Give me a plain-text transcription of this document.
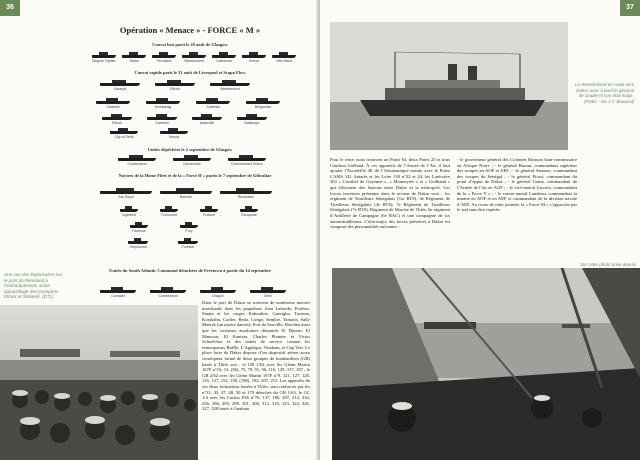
36
Opération « Menace » - FORCE « M »
Convoi lent parti le 29 août de Glasgow
Belgian Fighter	Sticks	Pennland	Westernland	Caledonia	Kenya	Ville Marie
Convoi rapide parti le 31 août de Liverpool et Scapa Flow
Karanja	Ettrick	Westernland
Sobieski	Kinnkaraig	Sobieski	Belgravian
Ettrick	Sobieski	Isaacville	Bulawayo
City of Delhi	Kenya
Unités dépêchées le 2 septembre de Glasgow
Cumberland	Devonshire	Commandant Duboc
Navires de la Home Fleet et de la « Force H » partis le 7 septembre de Gibraltar
Ark Royal	Barham	Resolution
Inglefield	Foxhound	Fortune	Escapade
Faulknor	Fury
Greyhound	Forester
Unités du South Atlantic Command détachées de Freetown à partir du 14 septembre
Cornwall	Cumberland	Dragon	Delhi
Une vue des légionnaires sur le pont du Pennland à l’embarquement, avant appareillage des transports Ettrick et Sobieski. (ETL)
Dans le port de Dakar se trouvent de nombreux navires marchands dont les paquebots Jean Laborde, Porthos, Sinaia et les cargos Kabouline, Guerigha, Tacoma, Korshalm, Carlier, Betta, Congo, Sembre, Tamaris, Sally Maersk (un navire danois), Fort de Souville, Bercheu ainsi que les croiseurs auxiliaires désarmés El Djezair, El Mansour, El Kantara. Charles Plumier et Victor Schoelcher et des unités de service comme les remorqueurs Buffle, L’Applique, Ouakam, et Cap Vert. Le place forte de Dakar dispose d’un dispositif aérien assez conséquent formé de deux groupes de bombardiers (GB) basés à Thiès soit : le GB 1/62 avec les Glenn Martin 167F n°16, 13, (56), 75, 79, 91, 96, 110, 129, 157, 187 ; le GB 2/62 avec les Glenn Martin 167F n°9, 121, 127, 128, 135, 137, 152, 158, (180), 182, 207, 215. Les appareils de ces deux formations basées à Thiès, sont renforcés par les n°31, 43, 47, 48, 50 et 179 détachés du GB 1/63. le GC 1/4 avec les Curtiss P36 n°76, 137, 180, 207, 212, 232, 256, 286, 295, 299, 301, 306, 312, 318, 323, 324, 326, 327, 328 basés à Ouakam.
37
Le Westernland en route vers Dakar avec à bord le général de Gaulle et son état-major. (FNEL - via J.Y. Brouard)
Pour le reste, nous trouvons un Potez 63, deux Potez 25 et trois Caudron Goéland. À ces appareils de l’Armée de l’Air, il faut ajouter l’Escadrille 4E de l’Aéronautique navale avec le Potez CAMS 141 Antarès et les Loire 130 n°22 et 24, les Latécoère 302 « Cavalier de Guyenne », « Mouneyrès » et « Guilbaud » qui effectuent des liaisons entre Dakar et la métropole. Les forces terrestres présentes dans le secteur de Dakar sont : 1er régiment de Tirailleurs Sénégalais (1er RTS), 4e Régiment de Tirailleurs Sénégalais (4e RTS), 7e Régiment de Tirailleurs Sénégalais (7e RTS), Régiment de Marche de Thiès, 6e régiment d’Artillerie de Campagne (6e RAC) et une compagnie de six automitrailleuses. L’état-major des forces présentes à Dakar est composé des personnalités suivantes :
- le gouverneur général des Colonies Boisson haut-commissaire en Afrique Noire ; - le général Barrau, commandant supérieur des troupes en AOF et AEF ; - le général Armoux, commandant des troupes du Sénégal ; - le général Picart, commandant du point d’appui de Dakar ; - le général Gama, commandant de l’Armée de l’air en AOF ; - le vice-amiral Lacroix, commandant de la « Force Y » ; - le contre-amiral Landriau, commandant la marine en AOF et en AEF et commandant de la division navale d’AEF. Au cours de cette journée, la « Force M » s’approche par le sud sans être repérée.
Sur cette photo prise depuis
